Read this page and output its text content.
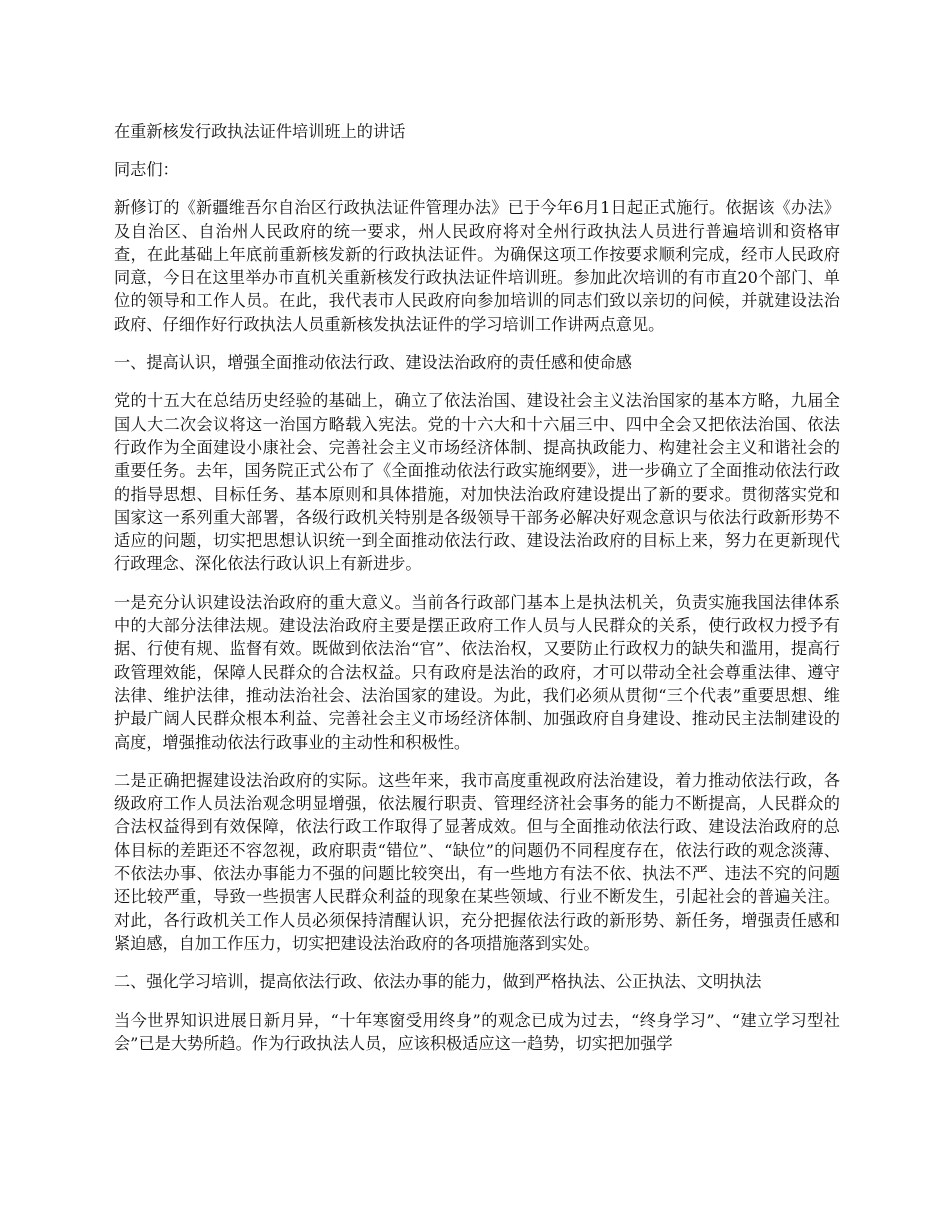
在重新核发行政执法证件培训班上的讲话

同志们：

新修订的《新疆维吾尔自治区行政执法证件管理办法》已于今年6月1日起正式施行。依据该《办法》及自治区、自治州人民政府的统一要求，州人民政府将对全州行政执法人员进行普遍培训和资格审查，在此基础上年底前重新核发新的行政执法证件。为确保这项工作按要求顺利完成，经市人民政府同意，今日在这里举办市直机关重新核发行政执法证件培训班。参加此次培训的有市直20个部门、单位的领导和工作人员。在此，我代表市人民政府向参加培训的同志们致以亲切的问候，并就建设法治政府、仔细作好行政执法人员重新核发执法证件的学习培训工作讲两点意见。

一、提高认识，增强全面推动依法行政、建设法治政府的责任感和使命感

党的十五大在总结历史经验的基础上，确立了依法治国、建设社会主义法治国家的基本方略，九届全国人大二次会议将这一治国方略载入宪法。党的十六大和十六届三中、四中全会又把依法治国、依法行政作为全面建设小康社会、完善社会主义市场经济体制、提高执政能力、构建社会主义和谐社会的重要任务。去年，国务院正式公布了《全面推动依法行政实施纲要》，进一步确立了全面推动依法行政的指导思想、目标任务、基本原则和具体措施，对加快法治政府建设提出了新的要求。贯彻落实党和国家这一系列重大部署，各级行政机关特别是各级领导干部务必解决好观念意识与依法行政新形势不适应的问题，切实把思想认识统一到全面推动依法行政、建设法治政府的目标上来，努力在更新现代行政理念、深化依法行政认识上有新进步。

一是充分认识建设法治政府的重大意义。当前各行政部门基本上是执法机关，负责实施我国法律体系中的大部分法律法规。建设法治政府主要是摆正政府工作人员与人民群众的关系，使行政权力授予有据、行使有规、监督有效。既做到依法治“官”、依法治权，又要防止行政权力的缺失和滥用，提高行政管理效能，保障人民群众的合法权益。只有政府是法治的政府，才可以带动全社会尊重法律、遵守法律、维护法律，推动法治社会、法治国家的建设。为此，我们必须从贯彻“三个代表”重要思想、维护最广阔人民群众根本利益、完善社会主义市场经济体制、加强政府自身建设、推动民主法制建设的高度，增强推动依法行政事业的主动性和积极性。

二是正确把握建设法治政府的实际。这些年来，我市高度重视政府法治建设，着力推动依法行政，各级政府工作人员法治观念明显增强，依法履行职责、管理经济社会事务的能力不断提高，人民群众的合法权益得到有效保障，依法行政工作取得了显著成效。但与全面推动依法行政、建设法治政府的总体目标的差距还不容忽视，政府职责“错位”、“缺位”的问题仍不同程度存在，依法行政的观念淡薄、不依法办事、依法办事能力不强的问题比较突出，有一些地方有法不依、执法不严、违法不究的问题还比较严重，导致一些损害人民群众利益的现象在某些领域、行业不断发生，引起社会的普遍关注。对此，各行政机关工作人员必须保持清醒认识，充分把握依法行政的新形势、新任务，增强责任感和紧迫感，自加工作压力，切实把建设法治政府的各项措施落到实处。

二、强化学习培训，提高依法行政、依法办事的能力，做到严格执法、公正执法、文明执法

当今世界知识进展日新月异，“十年寒窗受用终身”的观念已成为过去，“终身学习”、“建立学习型社会”已是大势所趋。作为行政执法人员，应该积极适应这一趋势，切实把加强学
